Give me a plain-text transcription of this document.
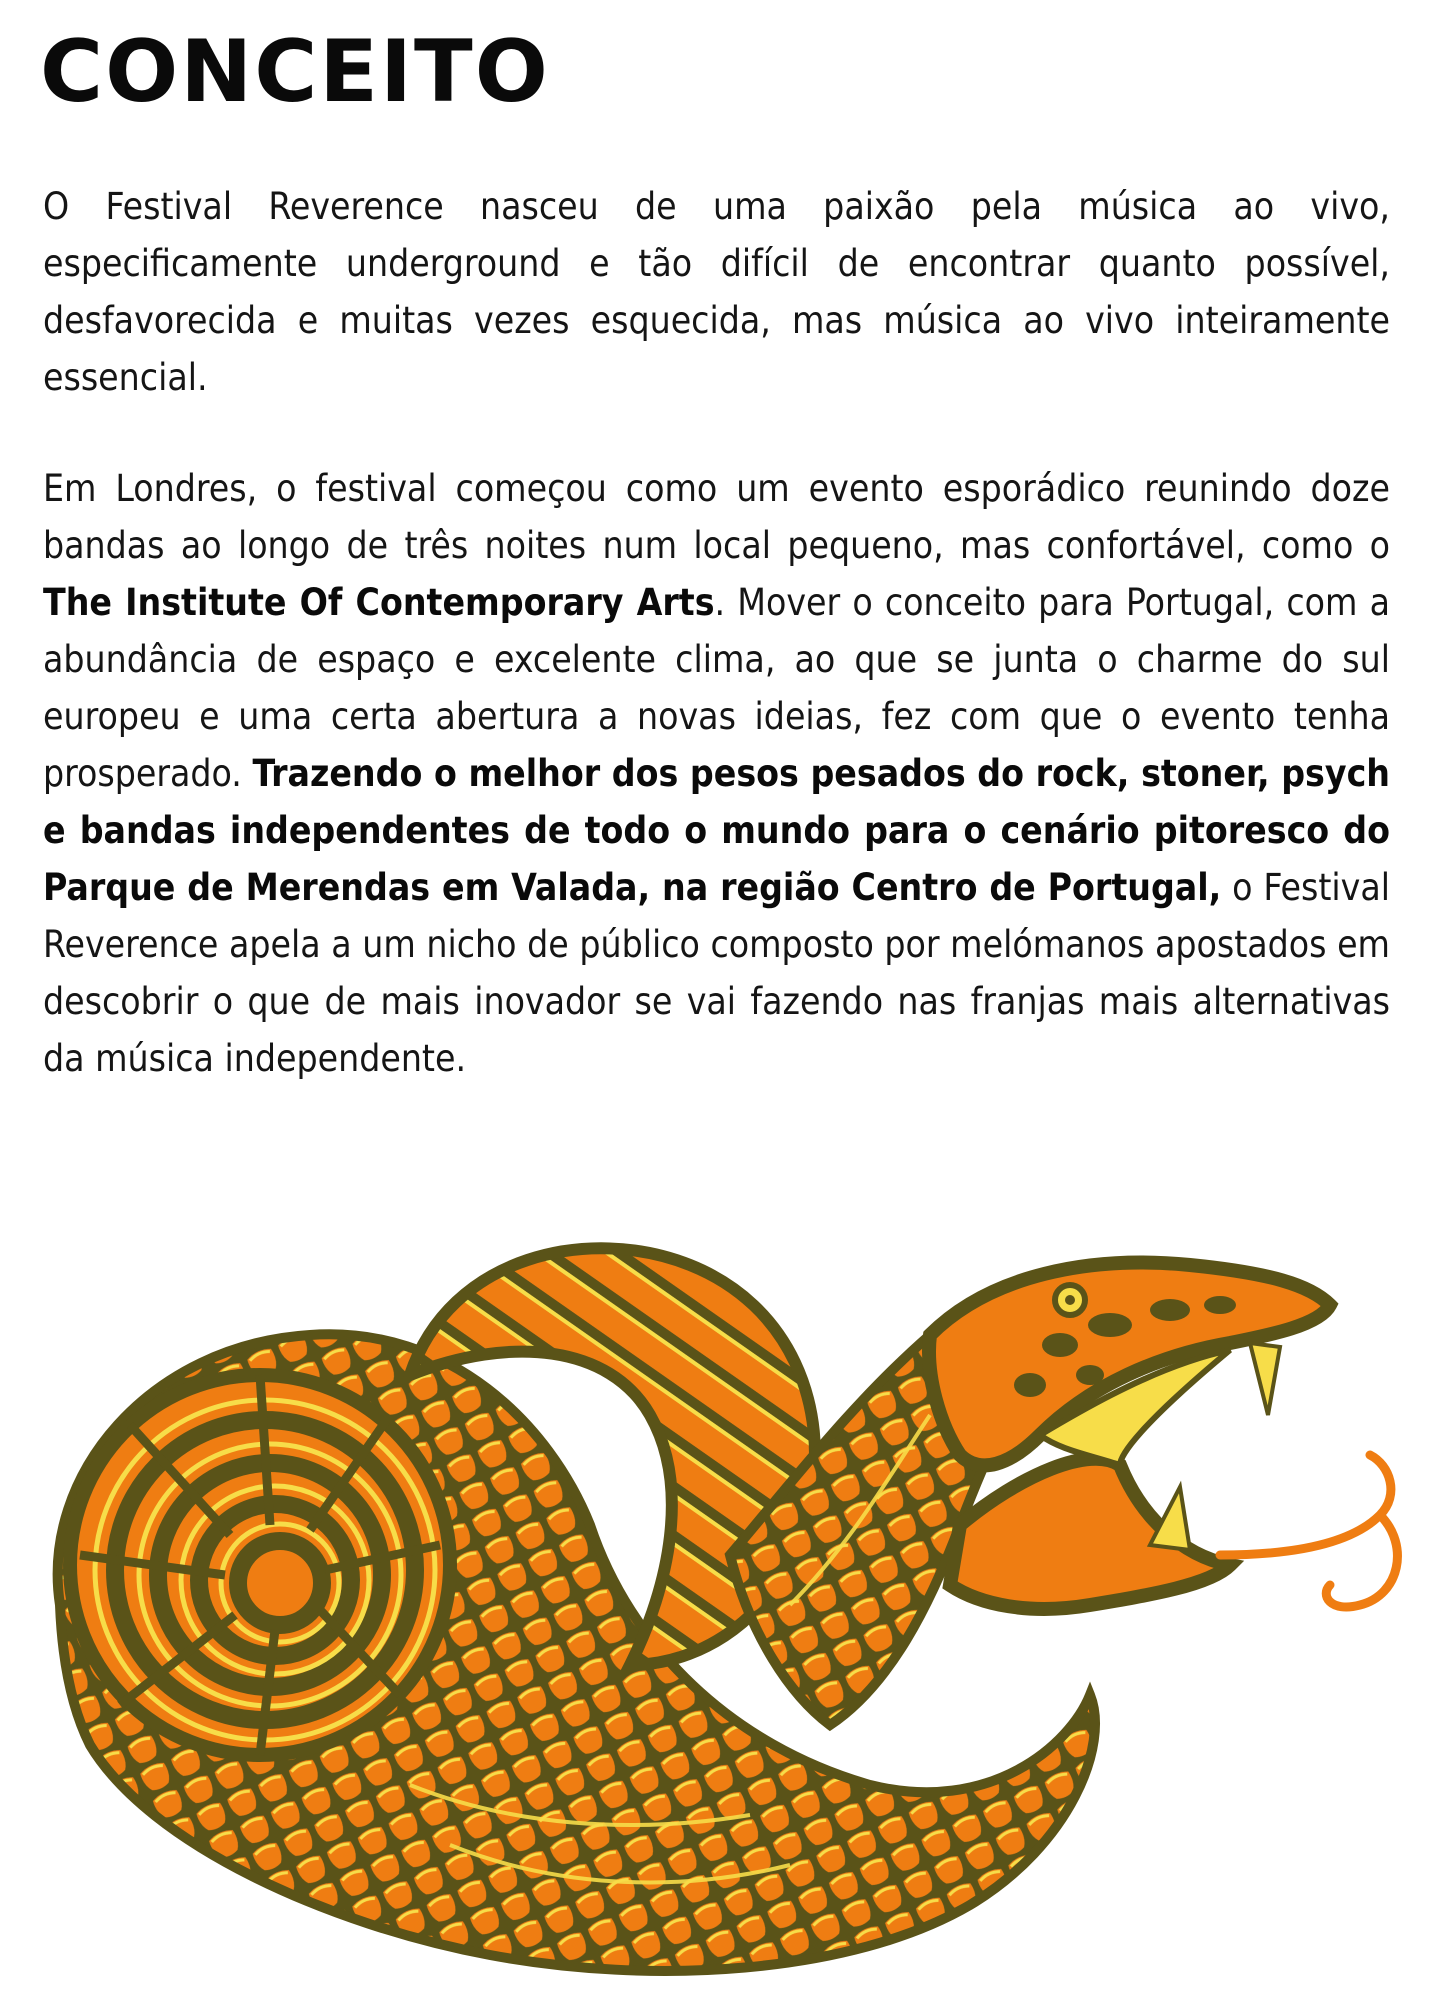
CONCEITO

O Festival Reverence nasceu de uma paixão pela música ao vivo, especificamente underground e tão difícil de encontrar quanto possível, desfavorecida e muitas vezes esquecida, mas música ao vivo inteiramente essencial.

Em Londres, o festival começou como um evento esporádico reunindo doze bandas ao longo de três noites num local pequeno, mas confortável, como o The Institute Of Contemporary Arts. Mover o conceito para Portugal, com a abundância de espaço e excelente clima, ao que se junta o charme do sul europeu e uma certa abertura a novas ideias, fez com que o evento tenha prosperado. Trazendo o melhor dos pesos pesados do rock, stoner, psych e bandas independentes de todo o mundo para o cenário pitoresco do Parque de Merendas em Valada, na região Centro de Portugal, o Festival Reverence apela a um nicho de público composto por melómanos apostados em descobrir o que de mais inovador se vai fazendo nas franjas mais alternativas da música independente.
